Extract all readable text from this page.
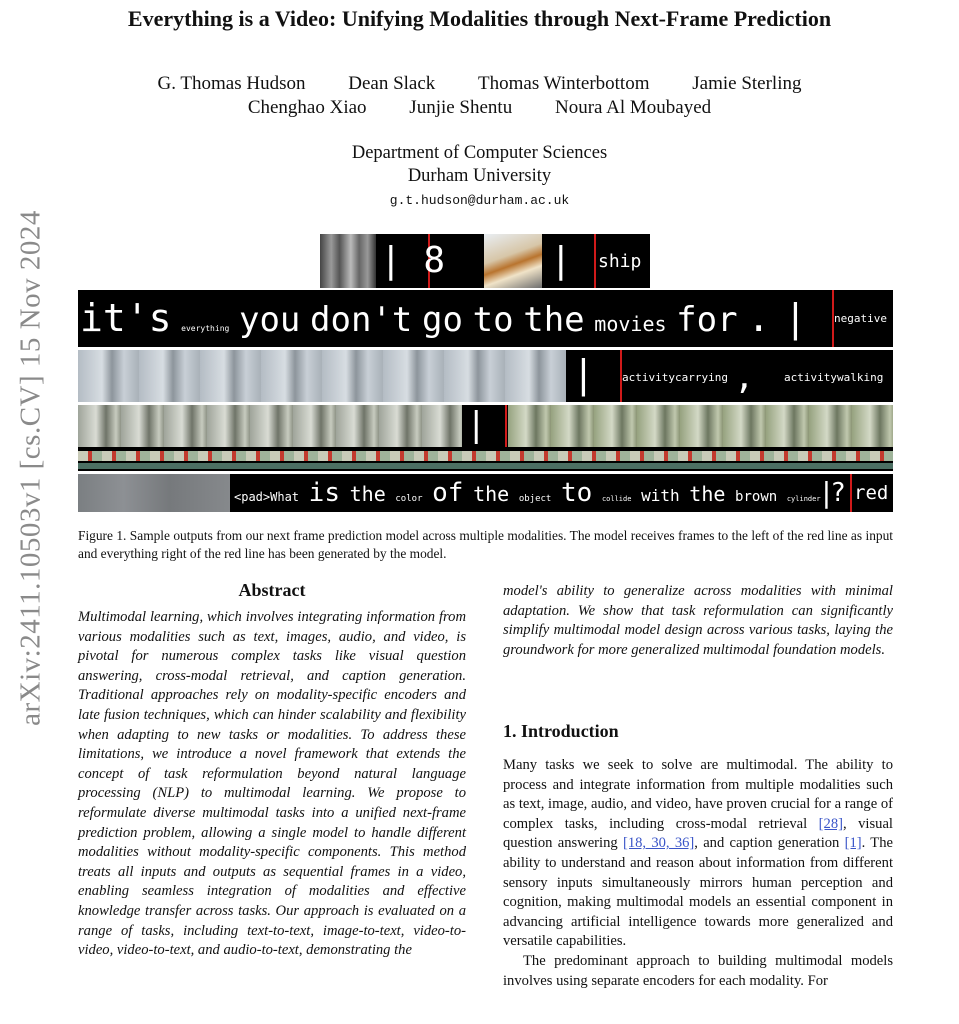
arXiv:2411.10503v1 [cs.CV] 15 Nov 2024
Everything is a Video: Unifying Modalities through Next-Frame Prediction
G. Thomas Hudson Dean Slack Thomas Winterbottom Jamie Sterling
Chenghao Xiao Junjie Shentu Noura Al Moubayed
Department of Computer Sciences
Durham University
g.t.hudson@durham.ac.uk
| 8	| ship
it's everything you don't go to the movies for . | negative
| activitycarrying ,	activitywalking
|
<pad>What is the color of the object to collide with the brown cylinder ?
| red
Figure 1. Sample outputs from our next frame prediction model across multiple modalities. The model receives frames to the left of the red line as input and everything right of the red line has been generated by the model.
Abstract

Multimodal learning, which involves integrating information from various modalities such as text, images, audio, and video, is pivotal for numerous complex tasks like visual question answering, cross-modal retrieval, and caption generation. Traditional approaches rely on modality-specific encoders and late fusion techniques, which can hinder scalability and flexibility when adapting to new tasks or modalities. To address these limitations, we introduce a novel framework that extends the concept of task reformulation beyond natural language processing (NLP) to multimodal learning. We propose to reformulate diverse multimodal tasks into a unified next-frame prediction problem, allowing a single model to handle different modalities without modality-specific components. This method treats all inputs and outputs as sequential frames in a video, enabling seamless integration of modalities and effective knowledge transfer across tasks. Our approach is evaluated on a range of tasks, including text-to-text, image-to-text, video-to-video, video-to-text, and audio-to-text, demonstrating the

model's ability to generalize across modalities with minimal adaptation. We show that task reformulation can significantly simplify multimodal model design across various tasks, laying the groundwork for more generalized multimodal foundation models.

1. Introduction

Many tasks we seek to solve are multimodal. The ability to process and integrate information from multiple modalities such as text, image, audio, and video, have proven crucial for a range of complex tasks, including cross-modal retrieval [28], visual question answering [18, 30, 36], and caption generation [1]. The ability to understand and reason about information from different sensory inputs simultaneously mirrors human perception and cognition, making multimodal models an essential component in advancing artificial intelligence towards more generalized and versatile capabilities.

The predominant approach to building multimodal models involves using separate encoders for each modality. For
